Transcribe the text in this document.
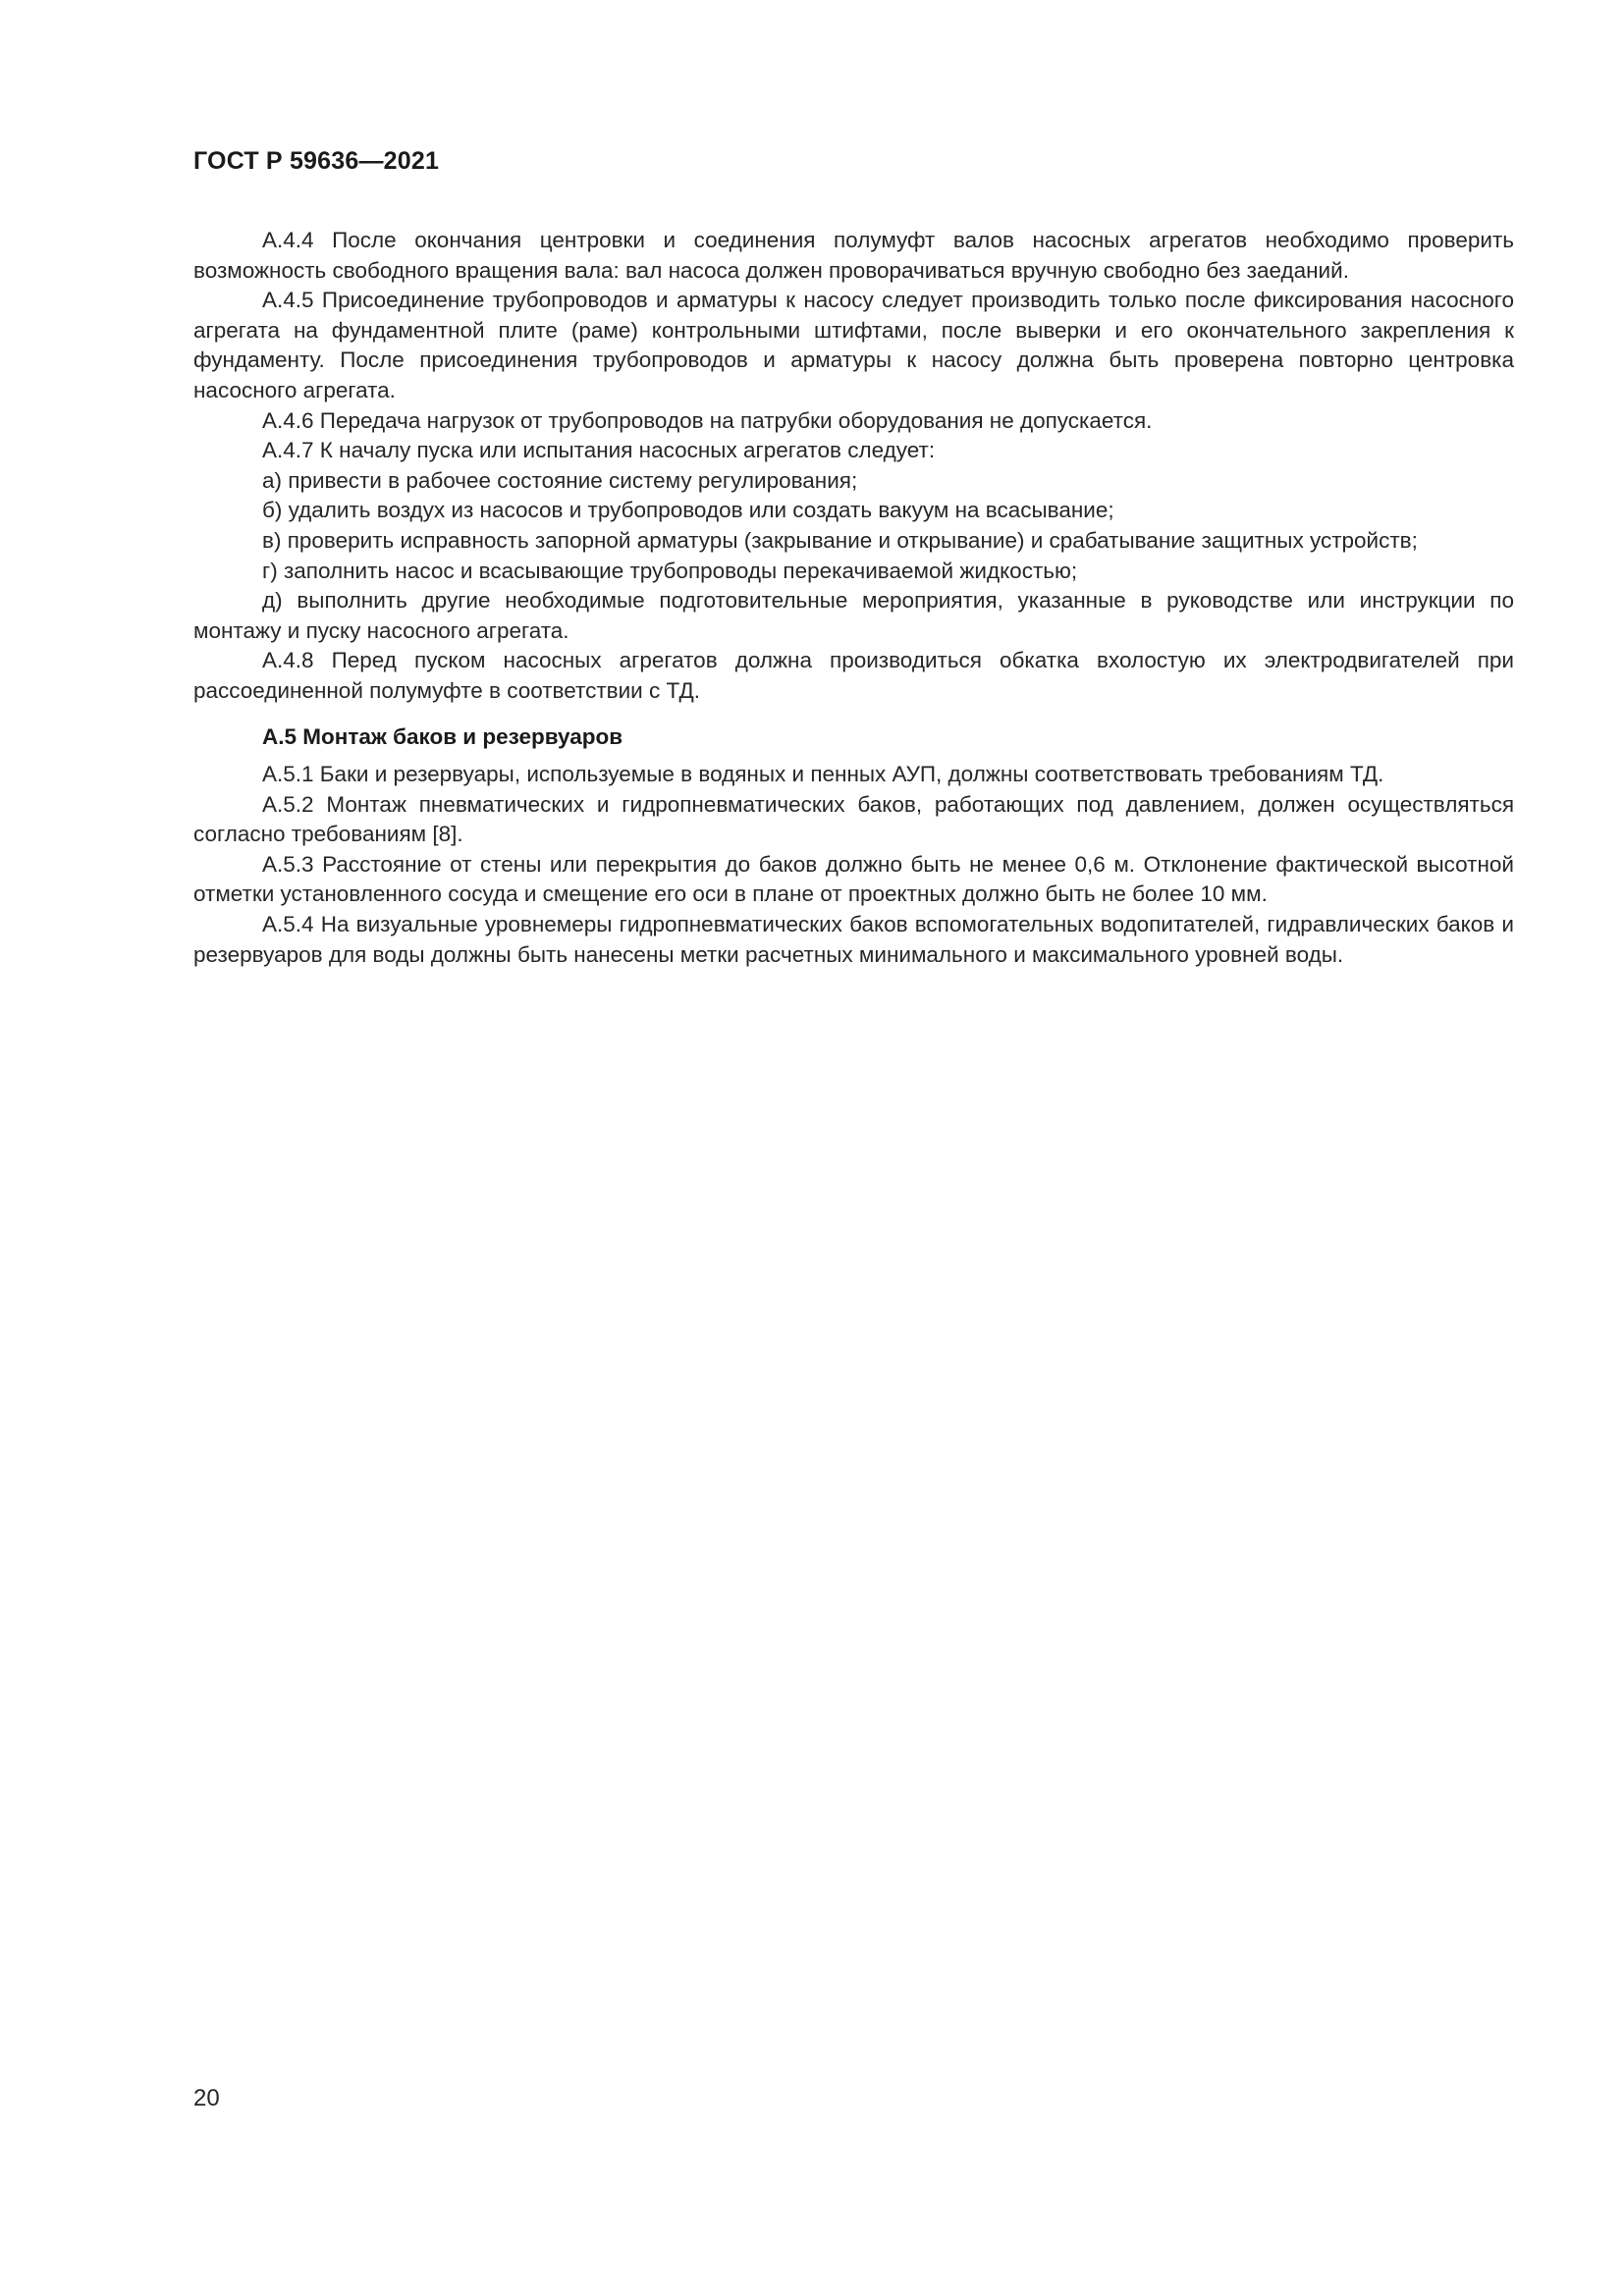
ГОСТ Р 59636—2021

А.4.4 После окончания центровки и соединения полумуфт валов насосных агрегатов необходимо проверить возможность свободного вращения вала: вал насоса должен проворачиваться вручную свободно без заеданий.

А.4.5 Присоединение трубопроводов и арматуры к насосу следует производить только после фиксирования насосного агрегата на фундаментной плите (раме) контрольными штифтами, после выверки и его окончательного закрепления к фундаменту. После присоединения трубопроводов и арматуры к насосу должна быть проверена повторно центровка насосного агрегата.

А.4.6 Передача нагрузок от трубопроводов на патрубки оборудования не допускается.

А.4.7 К началу пуска или испытания насосных агрегатов следует:

а) привести в рабочее состояние систему регулирования;

б) удалить воздух из насосов и трубопроводов или создать вакуум на всасывание;

в) проверить исправность запорной арматуры (закрывание и открывание) и срабатывание защитных устройств;

г) заполнить насос и всасывающие трубопроводы перекачиваемой жидкостью;

д) выполнить другие необходимые подготовительные мероприятия, указанные в руководстве или инструкции по монтажу и пуску насосного агрегата.

А.4.8 Перед пуском насосных агрегатов должна производиться обкатка вхолостую их электродвигателей при рассоединенной полумуфте в соответствии с ТД.

А.5 Монтаж баков и резервуаров

А.5.1 Баки и резервуары, используемые в водяных и пенных АУП, должны соответствовать требованиям ТД.

А.5.2 Монтаж пневматических и гидропневматических баков, работающих под давлением, должен осуществляться согласно требованиям [8].

А.5.3 Расстояние от стены или перекрытия до баков должно быть не менее 0,6 м. Отклонение фактической высотной отметки установленного сосуда и смещение его оси в плане от проектных должно быть не более 10 мм.

А.5.4 На визуальные уровнемеры гидропневматических баков вспомогательных водопитателей, гидравлических баков и резервуаров для воды должны быть нанесены метки расчетных минимального и максимального уровней воды.

20
